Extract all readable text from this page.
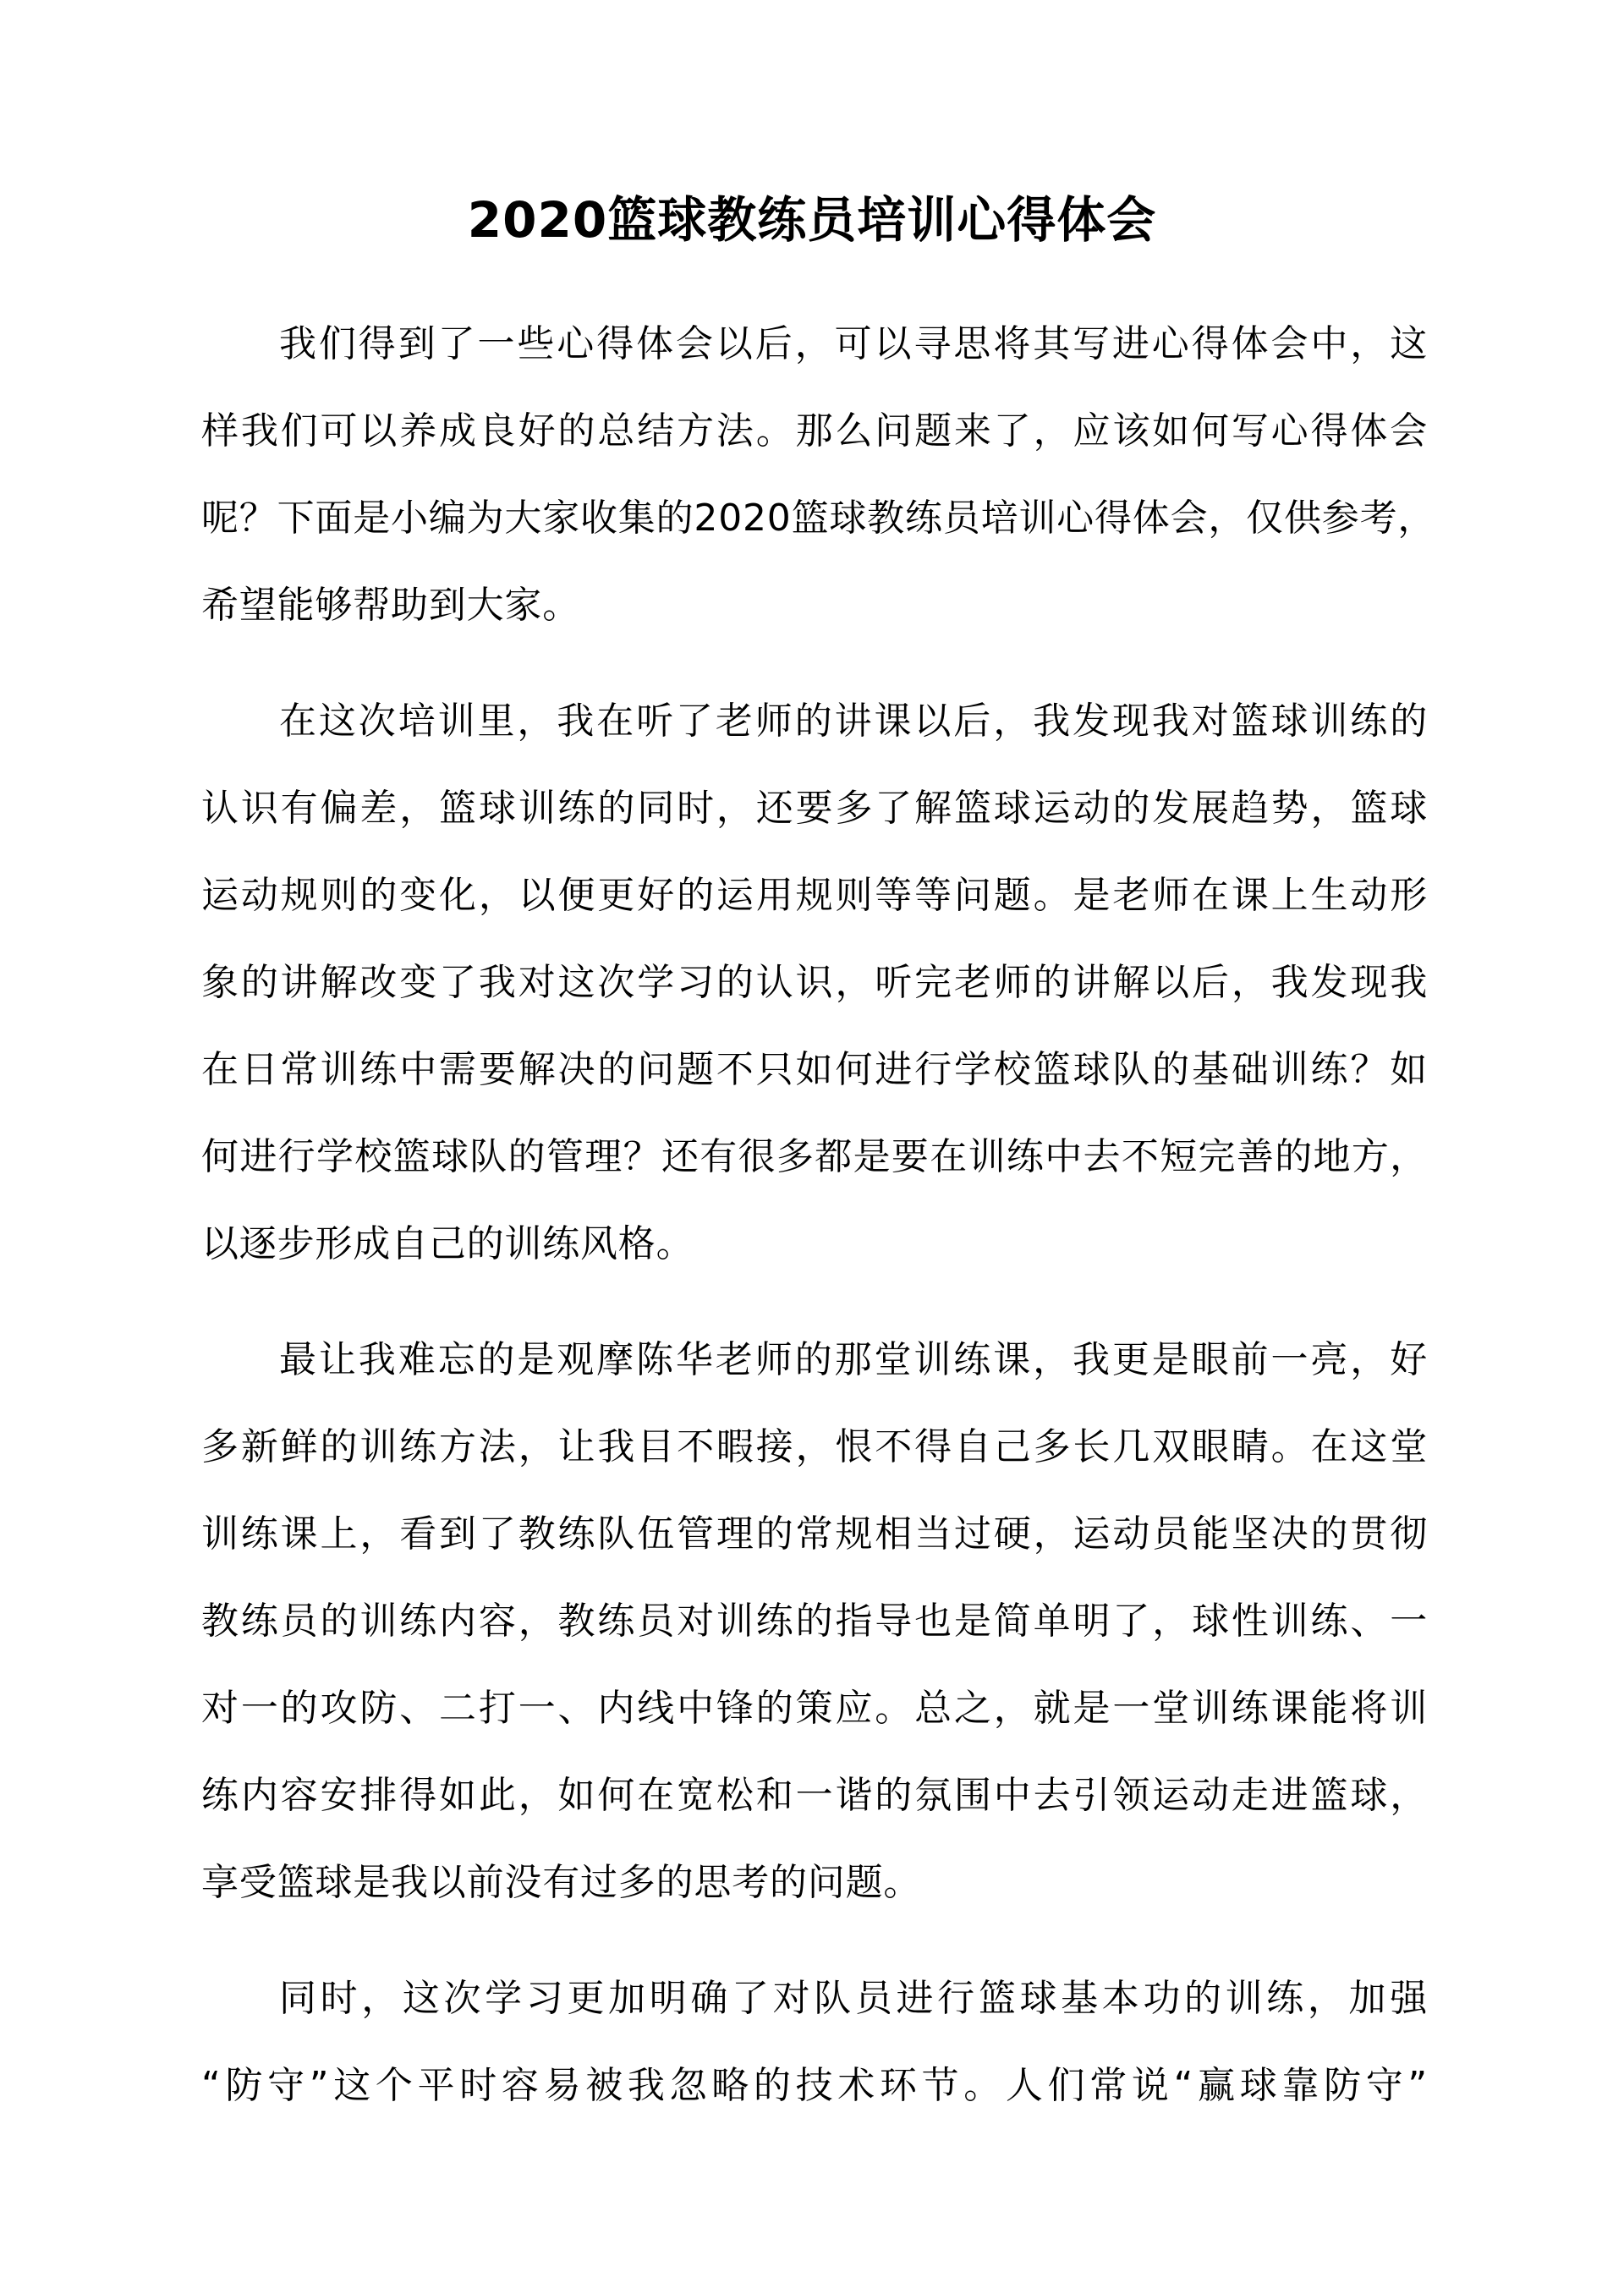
2020篮球教练员培训心得体会
我们得到了一些心得体会以后，可以寻思将其写进心得体会中，这
样我们可以养成良好的总结方法。那么问题来了，应该如何写心得体会
呢？下面是小编为大家收集的2020篮球教练员培训心得体会，仅供参考，
希望能够帮助到大家。
在这次培训里，我在听了老师的讲课以后，我发现我对篮球训练的
认识有偏差，篮球训练的同时，还要多了解篮球运动的发展趋势，篮球
运动规则的变化，以便更好的运用规则等等问题。是老师在课上生动形
象的讲解改变了我对这次学习的认识，听完老师的讲解以后，我发现我
在日常训练中需要解决的问题不只如何进行学校篮球队的基础训练？如
何进行学校篮球队的管理？还有很多都是要在训练中去不短完善的地方，
以逐步形成自己的训练风格。
最让我难忘的是观摩陈华老师的那堂训练课，我更是眼前一亮，好
多新鲜的训练方法，让我目不暇接，恨不得自己多长几双眼睛。在这堂
训练课上，看到了教练队伍管理的常规相当过硬，运动员能坚决的贯彻
教练员的训练内容，教练员对训练的指导也是简单明了，球性训练、一
对一的攻防、二打一、内线中锋的策应。总之，就是一堂训练课能将训
练内容安排得如此，如何在宽松和一谐的氛围中去引领运动走进篮球，
享受篮球是我以前没有过多的思考的问题。
同时，这次学习更加明确了对队员进行篮球基本功的训练，加强
“防守”这个平时容易被我忽略的技术环节。人们常说“赢球靠防守”
